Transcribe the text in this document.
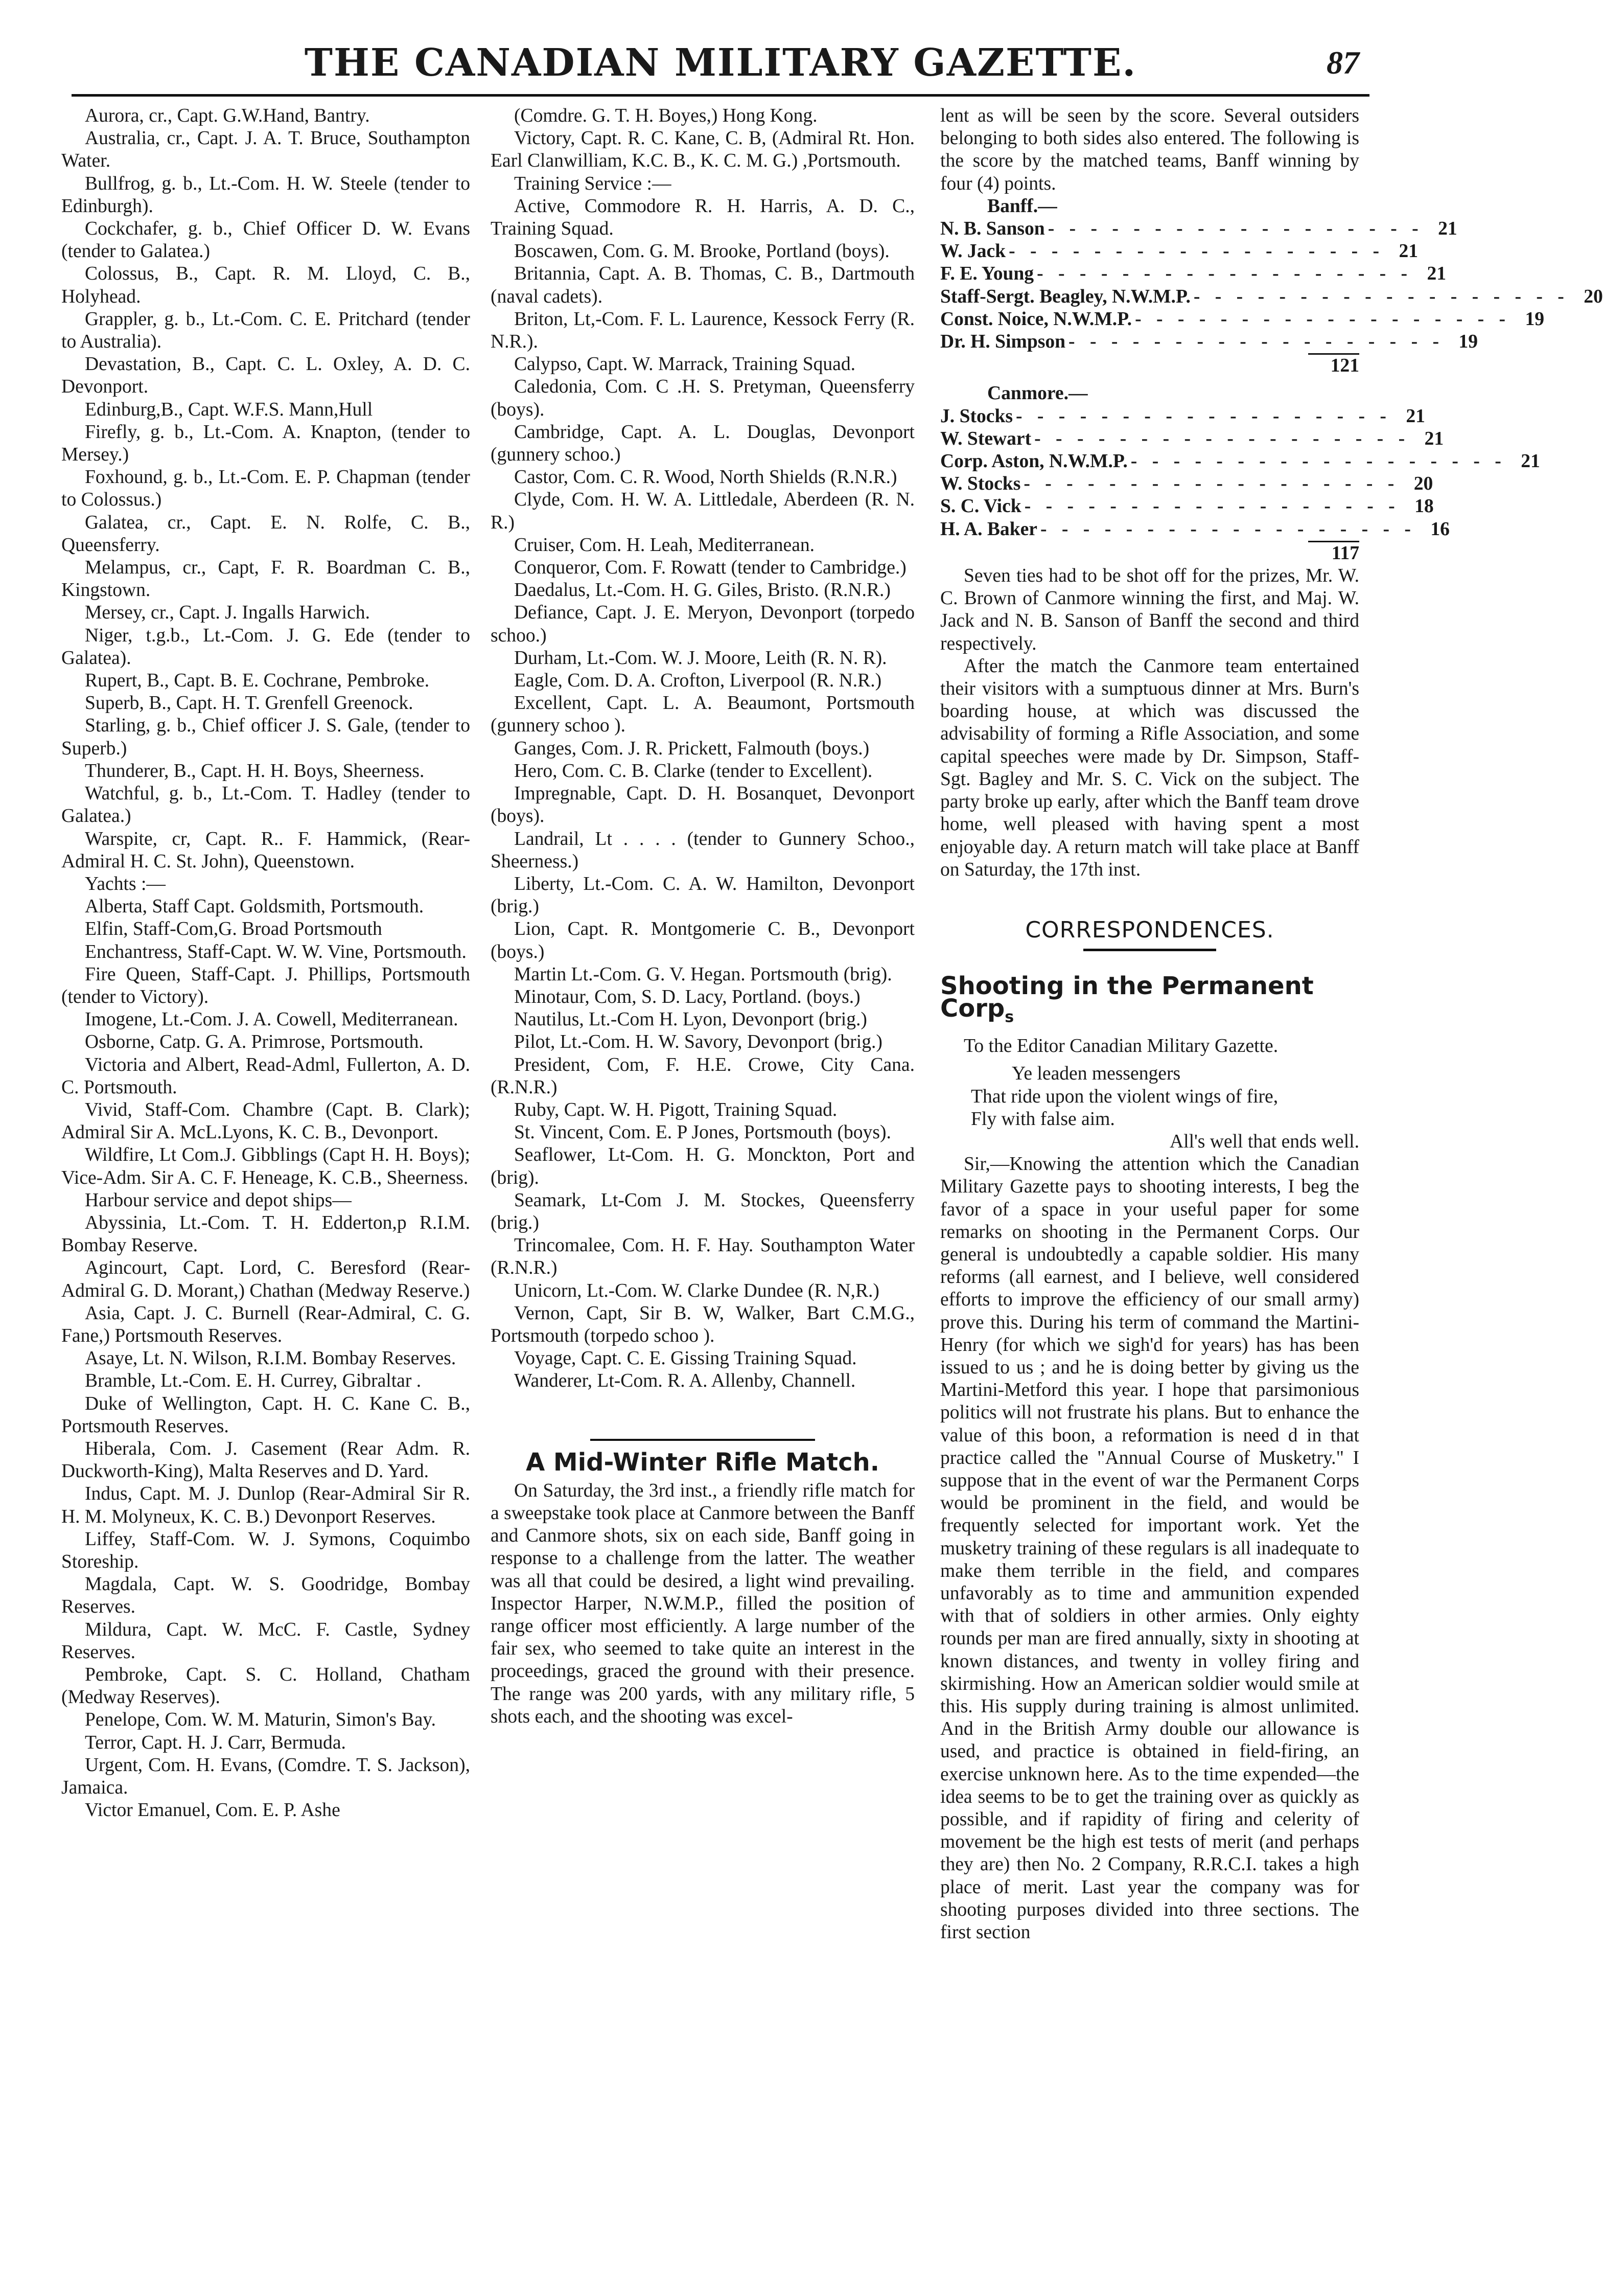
THE CANADIAN MILITARY GAZETTE.	87

Aurora, cr., Capt. G.W.Hand, Bantry.

Australia, cr., Capt. J. A. T. Bruce, Southampton Water.

Bullfrog, g. b., Lt.-Com. H. W. Steele (tender to Edinburgh).

Cockchafer, g. b., Chief Officer D. W. Evans (tender to Galatea.)

Colossus, B., Capt. R. M. Lloyd, C. B., Holyhead.

Grappler, g. b., Lt.-Com. C. E. Pritchard (tender to Australia).

Devastation, B., Capt. C. L. Oxley, A. D. C. Devonport.

Edinburg,B., Capt. W.F.S. Mann,Hull

Firefly, g. b., Lt.-Com. A. Knapton, (tender to Mersey.)

Foxhound, g. b., Lt.-Com. E. P. Chapman (tender to Colossus.)

Galatea, cr., Capt. E. N. Rolfe, C. B., Queensferry.

Melampus, cr., Capt, F. R. Boardman C. B., Kingstown.

Mersey, cr., Capt. J. Ingalls Harwich.

Niger, t.g.b., Lt.-Com. J. G. Ede (tender to Galatea).

Rupert, B., Capt. B. E. Cochrane, Pembroke.

Superb, B., Capt. H. T. Grenfell Greenock.

Starling, g. b., Chief officer J. S. Gale, (tender to Superb.)

Thunderer, B., Capt. H. H. Boys, Sheerness.

Watchful, g. b., Lt.-Com. T. Hadley (tender to Galatea.)

Warspite, cr, Capt. R.. F. Hammick, (Rear-Admiral H. C. St. John), Queenstown.

Yachts :—

Alberta, Staff Capt. Goldsmith, Portsmouth.

Elfin, Staff-Com,G. Broad Portsmouth

Enchantress, Staff-Capt. W. W. Vine, Portsmouth.

Fire Queen, Staff-Capt. J. Phillips, Portsmouth (tender to Victory).

Imogene, Lt.-Com. J. A. Cowell, Mediterranean.

Osborne, Catp. G. A. Primrose, Portsmouth.

Victoria and Albert, Read-Adml, Fullerton, A. D. C. Portsmouth.

Vivid, Staff-Com. Chambre (Capt. B. Clark); Admiral Sir A. McL.Lyons, K. C. B., Devonport.

Wildfire, Lt Com.J. Gibblings (Capt H. H. Boys); Vice-Adm. Sir A. C. F. Heneage, K. C.B., Sheerness.

Harbour service and depot ships—

Abyssinia, Lt.-Com. T. H. Edderton,p R.I.M. Bombay Reserve.

Agincourt, Capt. Lord, C. Beresford (Rear-Admiral G. D. Morant,) Chathan (Medway Reserve.)

Asia, Capt. J. C. Burnell (Rear-Admiral, C. G. Fane,) Portsmouth Reserves.

Asaye, Lt. N. Wilson, R.I.M. Bombay Reserves.

Bramble, Lt.-Com. E. H. Currey, Gibraltar .

Duke of Wellington, Capt. H. C. Kane C. B., Portsmouth Reserves.

Hiberala, Com. J. Casement (Rear Adm. R. Duckworth-King), Malta Reserves and D. Yard.

Indus, Capt. M. J. Dunlop (Rear-Admiral Sir R. H. M. Molyneux, K. C. B.) Devonport Reserves.

Liffey, Staff-Com. W. J. Symons, Coquimbo Storeship.

Magdala, Capt. W. S. Goodridge, Bombay Reserves.

Mildura, Capt. W. McC. F. Castle, Sydney Reserves.

Pembroke, Capt. S. C. Holland, Chatham (Medway Reserves).

Penelope, Com. W. M. Maturin, Simon's Bay.

Terror, Capt. H. J. Carr, Bermuda.

Urgent, Com. H. Evans, (Comdre. T. S. Jackson), Jamaica.

Victor Emanuel, Com. E. P. Ashe

(Comdre. G. T. H. Boyes,) Hong Kong.

Victory, Capt. R. C. Kane, C. B, (Admiral Rt. Hon. Earl Clanwilliam, K.C. B., K. C. M. G.) ,Portsmouth.

Training Service :—

Active, Commodore R. H. Harris, A. D. C., Training Squad.

Boscawen, Com. G. M. Brooke, Portland (boys).

Britannia, Capt. A. B. Thomas, C. B., Dartmouth (naval cadets).

Briton, Lt,-Com. F. L. Laurence, Kessock Ferry (R. N.R.).

Calypso, Capt. W. Marrack, Training Squad.

Caledonia, Com. C .H. S. Pretyman, Queensferry (boys).

Cambridge, Capt. A. L. Douglas, Devonport (gunnery schoo.)

Castor, Com. C. R. Wood, North Shields (R.N.R.)

Clyde, Com. H. W. A. Littledale, Aberdeen (R. N. R.)

Cruiser, Com. H. Leah, Mediterranean.

Conqueror, Com. F. Rowatt (tender to Cambridge.)

Daedalus, Lt.-Com. H. G. Giles, Bristo. (R.N.R.)

Defiance, Capt. J. E. Meryon, Devonport (torpedo schoo.)

Durham, Lt.-Com. W. J. Moore, Leith (R. N. R).

Eagle, Com. D. A. Crofton, Liverpool (R. N.R.)

Excellent, Capt. L. A. Beaumont, Portsmouth (gunnery schoo ).

Ganges, Com. J. R. Prickett, Falmouth (boys.)

Hero, Com. C. B. Clarke (tender to Excellent).

Impregnable, Capt. D. H. Bosanquet, Devonport (boys).

Landrail, Lt . . . . (tender to Gunnery Schoo., Sheerness.)

Liberty, Lt.-Com. C. A. W. Hamilton, Devonport (brig.)

Lion, Capt. R. Montgomerie C. B., Devonport (boys.)

Martin Lt.-Com. G. V. Hegan. Portsmouth (brig).

Minotaur, Com, S. D. Lacy, Portland. (boys.)

Nautilus, Lt.-Com H. Lyon, Devonport (brig.)

Pilot, Lt.-Com. H. W. Savory, Devonport (brig.)

President, Com, F. H.E. Crowe, City Cana. (R.N.R.)

Ruby, Capt. W. H. Pigott, Training Squad.

St. Vincent, Com. E. P Jones, Portsmouth (boys).

Seaflower, Lt-Com. H. G. Monckton, Port and (brig).

Seamark, Lt-Com J. M. Stockes, Queensferry (brig.)

Trincomalee, Com. H. F. Hay. Southampton Water (R.N.R.)

Unicorn, Lt.-Com. W. Clarke Dundee (R. N,R.)

Vernon, Capt, Sir B. W, Walker, Bart C.M.G., Portsmouth (torpedo schoo ).

Voyage, Capt. C. E. Gissing Training Squad.

Wanderer, Lt-Com. R. A. Allenby, Channell.

A Mid-Winter Rifle Match.

On Saturday, the 3rd inst., a friendly rifle match for a sweepstake took place at Canmore between the Banff and Canmore shots, six on each side, Banff going in response to a challenge from the latter. The weather was all that could be desired, a light wind prevailing. Inspector Harper, N.W.M.P., filled the position of range officer most efficiently. A large number of the fair sex, who seemed to take quite an interest in the proceedings, graced the ground with their presence. The range was 200 yards, with any military rifle, 5 shots each, and the shooting was excel-

lent as will be seen by the score. Several outsiders belonging to both sides also entered. The following is the score by the matched teams, Banff winning by four (4) points.

Banff.—

N. B. Sanson - - - - - - - - - - - - - - - - - - 21
W. Jack - - - - - - - - - - - - - - - - - - 21
F. E. Young - - - - - - - - - - - - - - - - - - 21
Staff-Sergt. Beagley, N.W.M.P. - - - - - - - - - - - - - - - - - - 20
Const. Noice, N.W.M.P. - - - - - - - - - - - - - - - - - - 19
Dr. H. Simpson - - - - - - - - - - - - - - - - - - 19
121

Canmore.—

J. Stocks - - - - - - - - - - - - - - - - - - 21
W. Stewart - - - - - - - - - - - - - - - - - - 21
Corp. Aston, N.W.M.P. - - - - - - - - - - - - - - - - - - 21
W. Stocks - - - - - - - - - - - - - - - - - - 20
S. C. Vick - - - - - - - - - - - - - - - - - - 18
H. A. Baker - - - - - - - - - - - - - - - - - - 16
117

Seven ties had to be shot off for the prizes, Mr. W. C. Brown of Canmore winning the first, and Maj. W. Jack and N. B. Sanson of Banff the second and third respectively.

After the match the Canmore team entertained their visitors with a sumptuous dinner at Mrs. Burn's boarding house, at which was discussed the advisability of forming a Rifle Association, and some capital speeches were made by Dr. Simpson, Staff-Sgt. Bagley and Mr. S. C. Vick on the subject. The party broke up early, after which the Banff team drove home, well pleased with having spent a most enjoyable day. A return match will take place at Banff on Saturday, the 17th inst.

CORRESPONDENCES.
Shooting in the Permanent Corp$_s$

To the Editor Canadian Military Gazette.

Ye leaden messengers

That ride upon the violent wings of fire,

Fly with false aim.

All's well that ends well.

Sir,—Knowing the attention which the Canadian Military Gazette pays to shooting interests, I beg the favor of a space in your useful paper for some remarks on shooting in the Permanent Corps. Our general is undoubtedly a capable soldier. His many reforms (all earnest, and I believe, well considered efforts to improve the efficiency of our small army) prove this. During his term of command the Martini-Henry (for which we sigh'd for years) has has been issued to us ; and he is doing better by giving us the Martini-Metford this year. I hope that parsimonious politics will not frustrate his plans. But to enhance the value of this boon, a reformation is need d in that practice called the "Annual Course of Musketry." I suppose that in the event of war the Permanent Corps would be prominent in the field, and would be frequently selected for important work. Yet the musketry training of these regulars is all inadequate to make them terrible in the field, and compares unfavorably as to time and ammunition expended with that of soldiers in other armies. Only eighty rounds per man are fired annually, sixty in shooting at known distances, and twenty in volley firing and skirmishing. How an American soldier would smile at this. His supply during training is almost unlimited. And in the British Army double our allowance is used, and practice is obtained in field-firing, an exercise unknown here. As to the time expended—the idea seems to be to get the training over as quickly as possible, and if rapidity of firing and celerity of movement be the high est tests of merit (and perhaps they are) then No. 2 Company, R.R.C.I. takes a high place of merit. Last year the company was for shooting purposes divided into three sections. The first section
